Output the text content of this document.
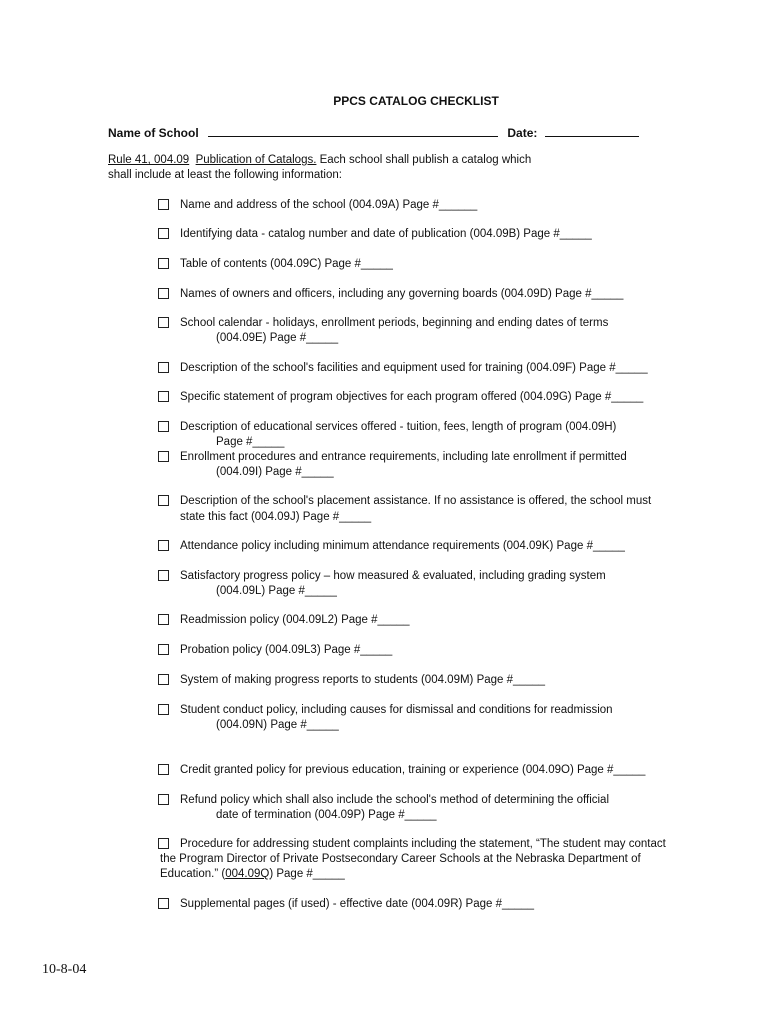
PPCS CATALOG CHECKLIST
Name of School	Date:
Rule 41, 004.09 Publication of Catalogs. Each school shall publish a catalog which
shall include at least the following information:
Name and address of the school (004.09A) Page #______
Identifying data - catalog number and date of publication (004.09B) Page #_____
Table of contents (004.09C) Page #_____
Names of owners and officers, including any governing boards (004.09D) Page #_____
School calendar - holidays, enrollment periods, beginning and ending dates of terms
(004.09E) Page #_____
Description of the school's facilities and equipment used for training (004.09F) Page #_____
Specific statement of program objectives for each program offered (004.09G) Page #_____
Description of educational services offered - tuition, fees, length of program (004.09H)
Page #_____
Enrollment procedures and entrance requirements, including late enrollment if permitted
(004.09I) Page #_____
Description of the school's placement assistance. If no assistance is offered, the school must
state this fact (004.09J) Page #_____
Attendance policy including minimum attendance requirements (004.09K) Page #_____
Satisfactory progress policy – how measured & evaluated, including grading system
(004.09L) Page #_____
Readmission policy (004.09L2) Page #_____
Probation policy (004.09L3) Page #_____
System of making progress reports to students (004.09M) Page #_____
Student conduct policy, including causes for dismissal and conditions for readmission
(004.09N) Page #_____
Credit granted policy for previous education, training or experience (004.09O) Page #_____
Refund policy which shall also include the school's method of determining the official
date of termination (004.09P) Page #_____
Procedure for addressing student complaints including the statement, “The student may contact
the Program Director of Private Postsecondary Career Schools at the Nebraska Department of
Education.” (004.09Q) Page #_____
Supplemental pages (if used) - effective date (004.09R) Page #_____
10-8-04
